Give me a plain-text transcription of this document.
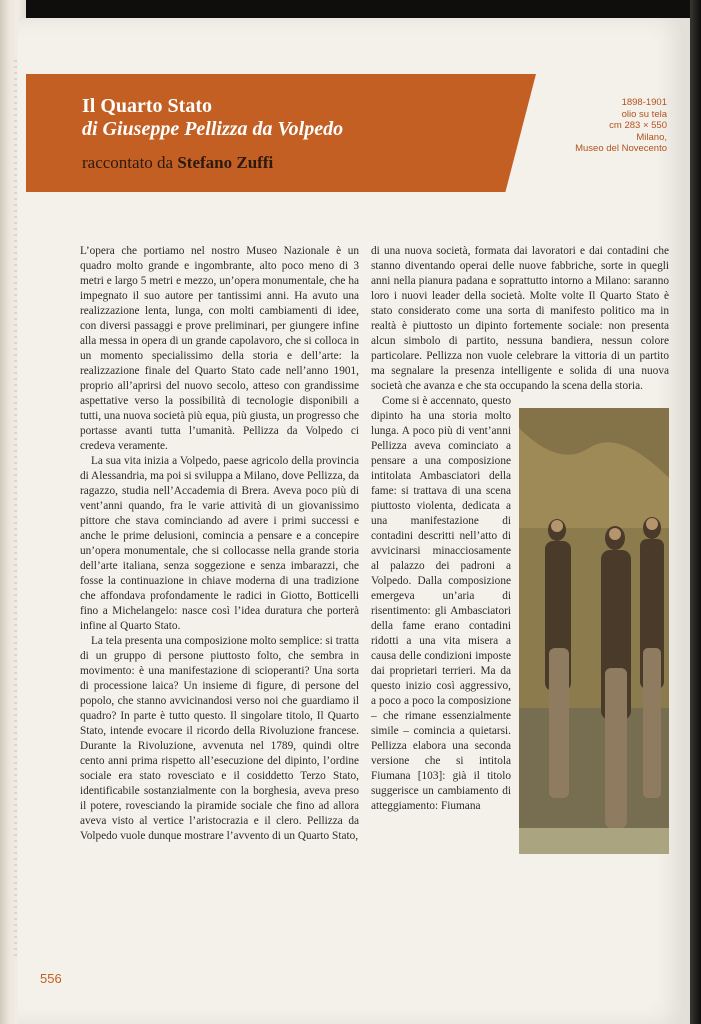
Il Quarto Stato
di Giuseppe Pellizza da Volpedo
raccontato da Stefano Zuffi
1898-1901
olio su tela
cm 283 × 550
Milano,
Museo del Novecento

L’opera che portiamo nel nostro Museo Nazionale è un quadro molto grande e ingombrante, alto poco meno di 3 metri e largo 5 metri e mezzo, un’opera monumentale, che ha impegnato il suo autore per tantissimi anni. Ha avuto una realizzazione lenta, lunga, con molti cambiamenti di idee, con diversi passaggi e prove preliminari, per giungere infine alla messa in opera di un grande capolavoro, che si colloca in un momento specialissimo della storia e dell’arte: la realizzazione finale del Quarto Stato cade nell’anno 1901, proprio all’aprirsi del nuovo secolo, atteso con grandissime aspettative verso la possibilità di tecnologie disponibili a tutti, una nuova società più equa, più giusta, un progresso che portasse avanti tutta l’umanità. Pellizza da Volpedo ci credeva veramente.

La sua vita inizia a Volpedo, paese agricolo della provincia di Alessandria, ma poi si sviluppa a Milano, dove Pellizza, da ragazzo, studia nell’Accademia di Brera. Aveva poco più di vent’anni quando, fra le varie attività di un giovanissimo pittore che stava cominciando ad avere i primi successi e anche le prime delusioni, comincia a pensare e a concepire un’opera monumentale, che si collocasse nella grande storia dell’arte italiana, senza soggezione e senza imbarazzi, che fosse la continuazione in chiave moderna di una tradizione che affondava profondamente le radici in Giotto, Botticelli fino a Michelangelo: nasce così l’idea duratura che porterà infine al Quarto Stato.

La tela presenta una composizione molto semplice: si tratta di un gruppo di persone piuttosto folto, che sembra in movimento: è una manifestazione di scioperanti? Una sorta di processione laica? Un insieme di figure, di persone del popolo, che stanno avvicinandosi verso noi che guardiamo il quadro? In parte è tutto questo. Il singolare titolo, Il Quarto Stato, intende evocare il ricordo della Rivoluzione francese. Durante la Rivoluzione, avvenuta nel 1789, quindi oltre cento anni prima rispetto all’esecuzione del dipinto, l’ordine sociale era stato rovesciato e il cosiddetto Terzo Stato, identificabile sostanzialmente con la borghesia, aveva preso il potere, rovesciando la piramide sociale che fino ad allora aveva visto al vertice l’aristocrazia e il clero. Pellizza da Volpedo vuole dunque mostrare l’avvento di un Quarto Stato,

di una nuova società, formata dai lavoratori e dai contadini che stanno diventando operai delle nuove fabbriche, sorte in quegli anni nella pianura padana e soprattutto intorno a Milano: saranno loro i nuovi leader della società. Molte volte Il Quarto Stato è stato considerato come una sorta di manifesto politico ma in realtà è piuttosto un dipinto fortemente sociale: non presenta alcun simbolo di partito, nessuna bandiera, nessun colore particolare. Pellizza non vuole celebrare la vittoria di un partito ma segnalare la presenza intelligente e solida di una nuova società che avanza e che sta occupando la scena della storia.

Come si è accennato, questo dipinto ha una storia molto lunga. A poco più di vent’anni Pellizza aveva cominciato a pensare a una composizione intitolata Ambasciatori della fame: si trattava di una scena piuttosto violenta, dedicata a una manifestazione di contadini descritti nell’atto di avvicinarsi minacciosamente al palazzo dei padroni a Volpedo. Dalla composizione emergeva un’aria di risentimento: gli Ambasciatori della fame erano contadini ridotti a una vita misera a causa delle condizioni imposte dai proprietari terrieri. Ma da questo inizio così aggressivo, a poco a poco la composizione – che rimane essenzialmente simile – comincia a quietarsi. Pellizza elabora una seconda versione che si intitola Fiumana [103]: già il titolo suggerisce un cambiamento di atteggiamento: Fiumana

556
